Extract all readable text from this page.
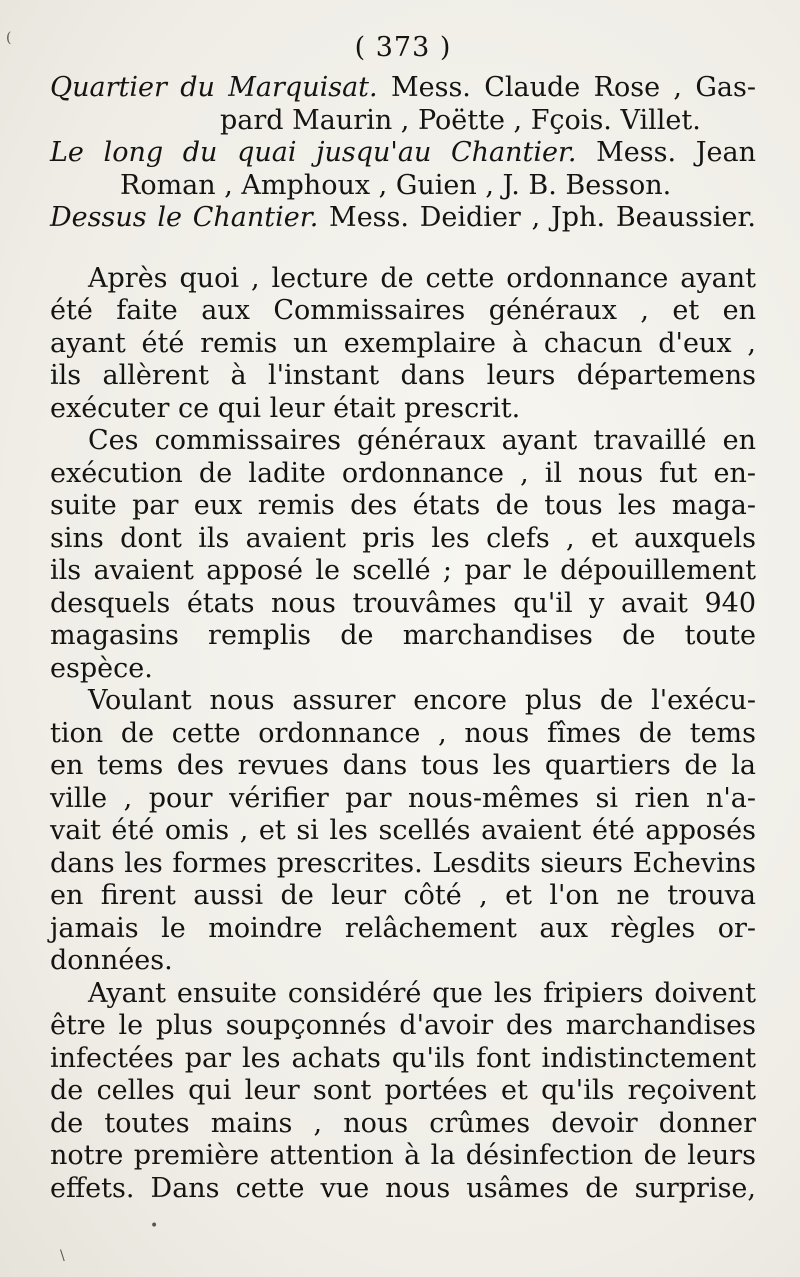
( 373 )

Quartier du Marquisat. Mess. Claude Rose , Gas-

pard Maurin , Poëtte , Fçois. Villet.

Le long du quai jusqu'au Chantier. Mess. Jean

Roman , Amphoux , Guien , J. B. Besson.

Dessus le Chantier. Mess. Deidier , Jph. Beaussier.

Après quoi , lecture de cette ordonnance ayant

été faite aux Commissaires généraux , et en

ayant été remis un exemplaire à chacun d'eux ,

ils allèrent à l'instant dans leurs départemens

exécuter ce qui leur était prescrit.

Ces commissaires généraux ayant travaillé en

exécution de ladite ordonnance , il nous fut en-

suite par eux remis des états de tous les maga-

sins dont ils avaient pris les clefs , et auxquels

ils avaient apposé le scellé ; par le dépouillement

desquels états nous trouvâmes qu'il y avait 940

magasins remplis de marchandises de toute

espèce.

Voulant nous assurer encore plus de l'exécu-

tion de cette ordonnance , nous fîmes de tems

en tems des revues dans tous les quartiers de la

ville , pour vérifier par nous-mêmes si rien n'a-

vait été omis , et si les scellés avaient été apposés

dans les formes prescrites. Lesdits sieurs Echevins

en firent aussi de leur côté , et l'on ne trouva

jamais le moindre relâchement aux règles or-

données.

Ayant ensuite considéré que les fripiers doivent

être le plus soupçonnés d'avoir des marchandises

infectées par les achats qu'ils font indistinctement

de celles qui leur sont portées et qu'ils reçoivent

de toutes mains , nous crûmes devoir donner

notre première attention à la désinfection de leurs

effets. Dans cette vue nous usâmes de surprise,

(
•
\
